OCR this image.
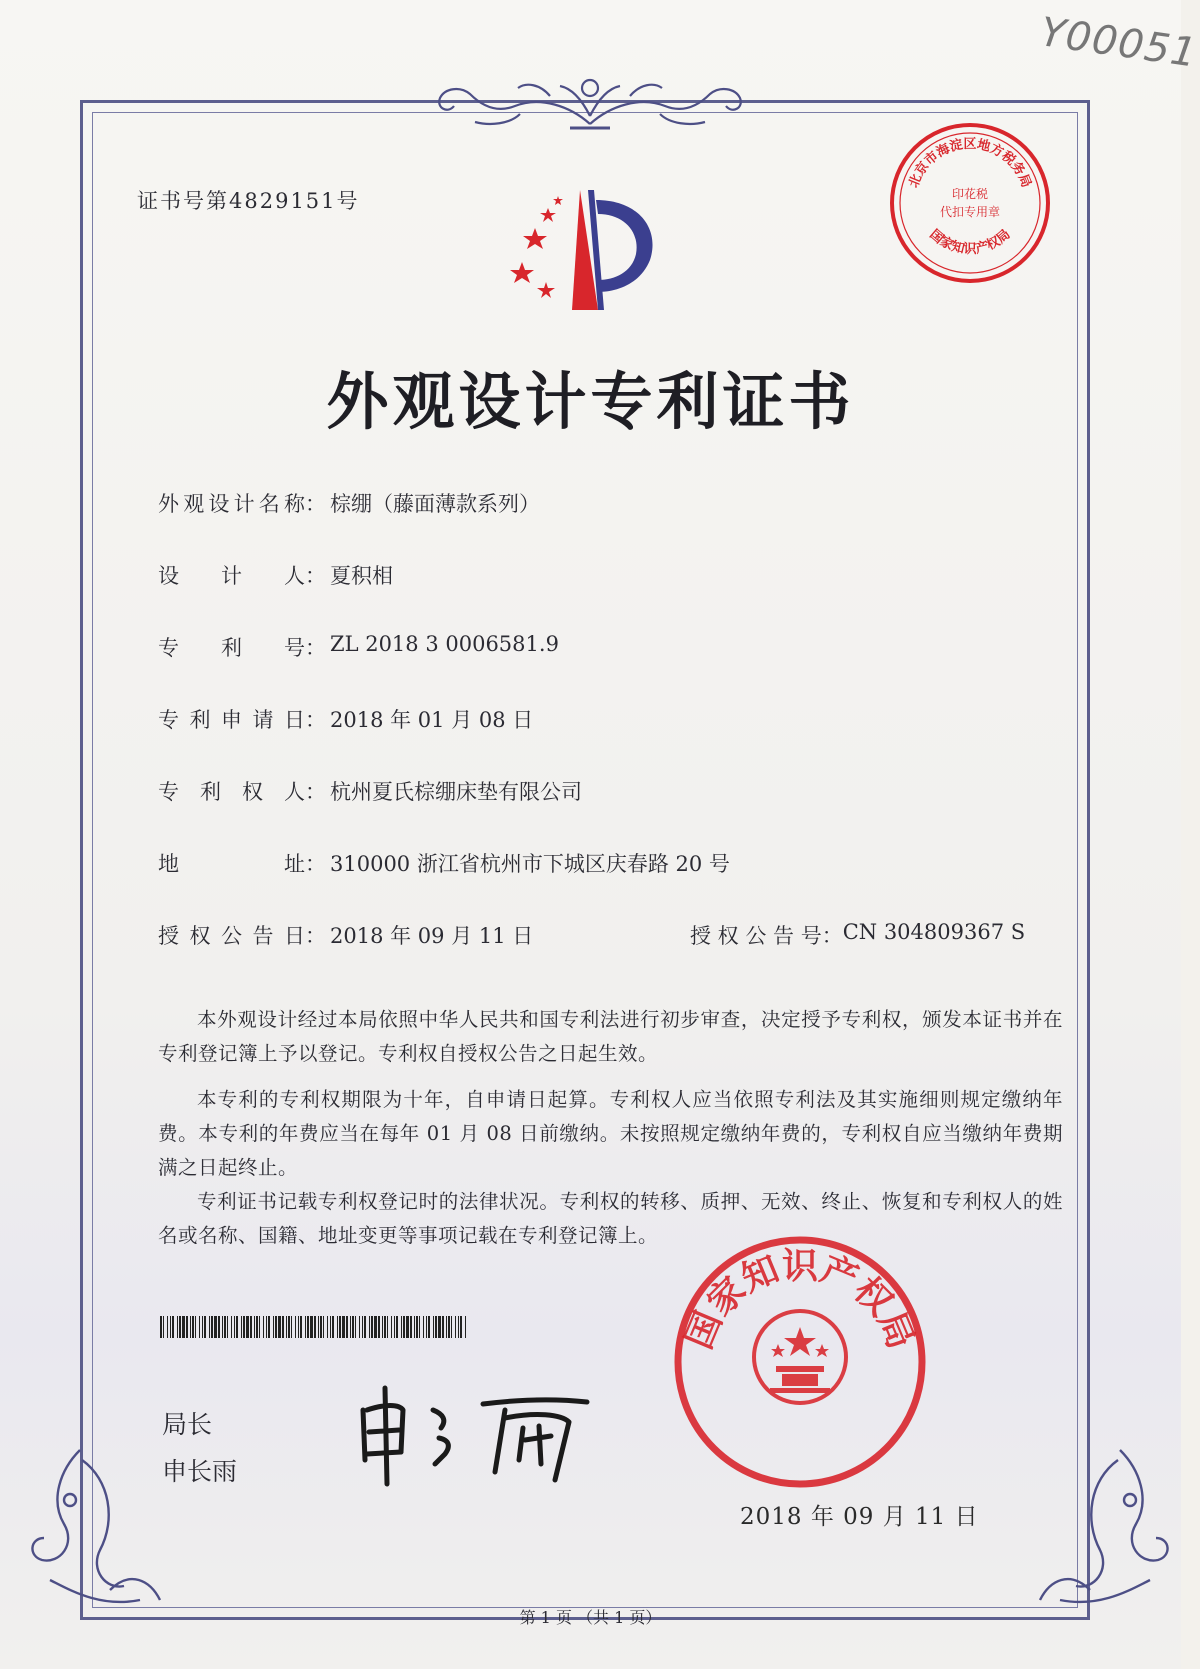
Y00051
证书号第4829151号
北京市海淀区地方税务局
国家知识产权局
印花税
代扣专用章
外观设计专利证书
外 观 设 计 名 称 ： 棕绷（藤面薄款系列）
设 计 人 ： 夏积相
专 利 号 ： ZL 2018 3 0006581.9
专 利 申 请 日 ： 2018 年 01 月 08 日
专 利 权 人 ： 杭州夏氏棕绷床垫有限公司
地	址 ： 310000 浙江省杭州市下城区庆春路 20 号
授 权 公 告 日 ： 2018 年 09 月 11 日	授 权 公 告 号： CN 304809367 S
本外观设计经过本局依照中华人民共和国专利法进行初步审查，决定授予专利权，颁发本证书并在专利登记簿上予以登记。专利权自授权公告之日起生效。
本专利的专利权期限为十年，自申请日起算。专利权人应当依照专利法及其实施细则规定缴纳年费。本专利的年费应当在每年 01 月 08 日前缴纳。未按照规定缴纳年费的，专利权自应当缴纳年费期满之日起终止。
专利证书记载专利权登记时的法律状况。专利权的转移、质押、无效、终止、恢复和专利权人的姓名或名称、国籍、地址变更等事项记载在专利登记簿上。
局长
申长雨
国家知识产权局
2018 年 09 月 11 日
第 1 页 （共 1 页）
